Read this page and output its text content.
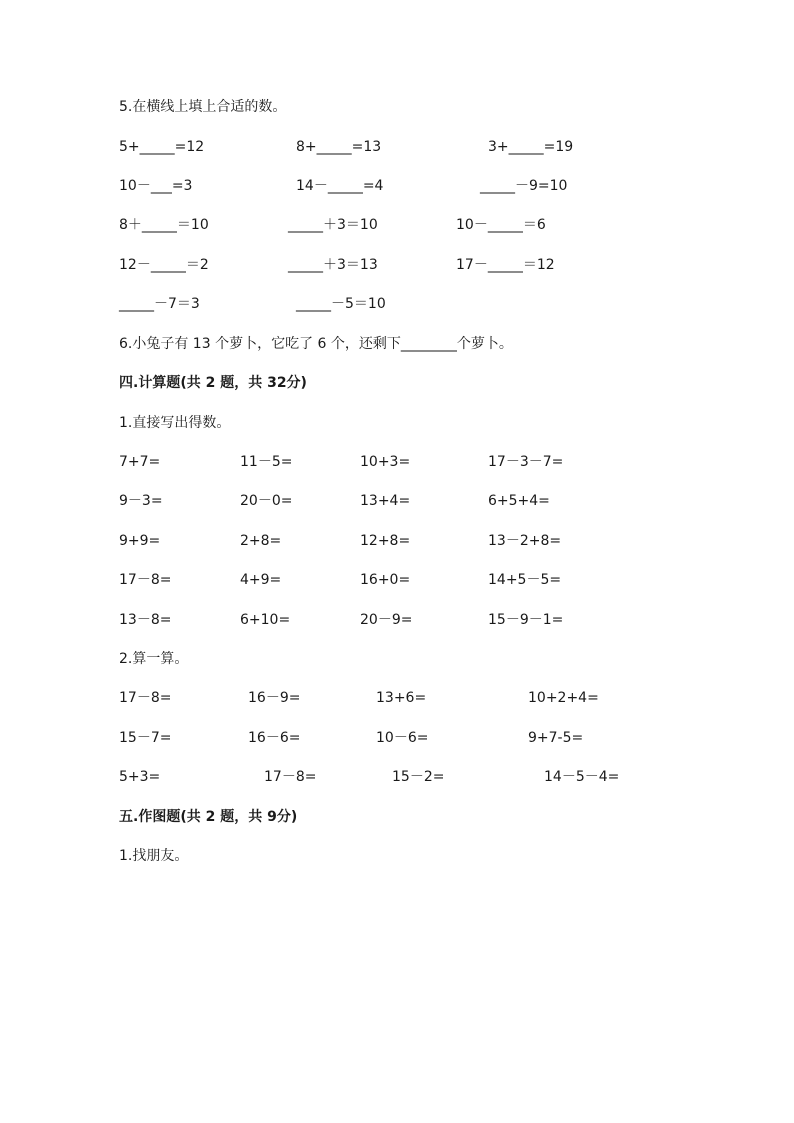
5.在横线上填上合适的数。
5+_____=12	8+_____=13	3+_____=19
10－___=3	14－_____=4	_____－9=10
8＋_____＝10	_____＋3＝10	10－_____＝6
12－_____＝2	_____＋3＝13	17－_____＝12
_____－7＝3	_____－5＝10
6.小兔子有 13 个萝卜，它吃了 6 个，还剩下________个萝卜。
四.计算题(共 2 题，共 32分)
1.直接写出得数。
7+7=	11－5=	10+3=	17－3－7=
9－3=	20－0=	13+4=	6+5+4=
9+9=	2+8=	12+8=	13－2+8=
17－8=	4+9=	16+0=	14+5－5=
13－8=	6+10=	20－9=	15－9－1=
2.算一算。
17－8=	16－9=	13+6=	10+2+4=
15－7=	16－6=	10－6=	9+7-5=
5+3=	17－8=	15－2=	14－5－4=
五.作图题(共 2 题，共 9分)
1.找朋友。
